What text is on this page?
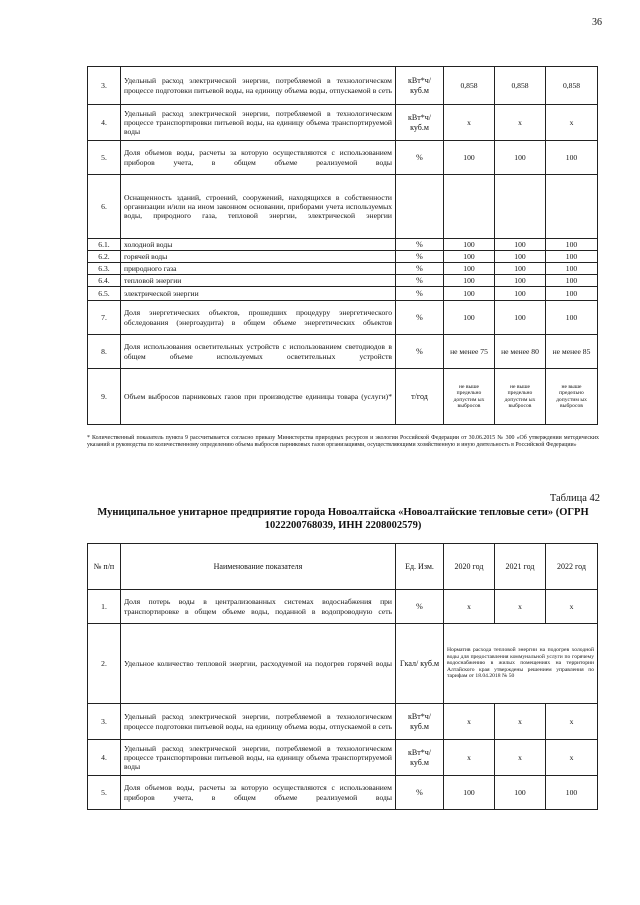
36
3.	Удельный расход электрической энергии, потребляемой в технологическом процессе подготовки питьевой воды, на единицу объема воды, отпускаемой в сеть	кВт*ч/ куб.м	0,858	0,858	0,858
4.	Удельный расход электрической энергии, потребляемой в технологическом процессе транспортировки питьевой воды, на единицу объема транспортируемой воды	кВт*ч/ куб.м	x	x	x
5.	Доля объемов воды, расчеты за которую осуществляются с использованием приборов учета, в общем объеме реализуемой воды	%	100	100	100
6.	Оснащенность зданий, строений, сооружений, находящихся в собственности организации и/или на ином законном основании, приборами учета используемых воды, природного газа, тепловой энергии, электрической энергии				
6.1.	холодной воды	%	100	100	100
6.2.	горячей воды	%	100	100	100
6.3.	природного газа	%	100	100	100
6.4.	тепловой энергии	%	100	100	100
6.5.	электрической энергии	%	100	100	100
7.	Доля энергетических объектов, прошедших процедуру энергетического обследования (энергоаудита) в общем объеме энергетических объектов	%	100	100	100
8.	Доля использования осветительных устройств с использованием светодиодов в общем объеме используемых осветительных устройств	%	не менее 75	не менее 80	не менее 85
9.	Объем выбросов парниковых газов при производстве единицы товара (услуги)*	т/год	не выше предельно допустим ых выбросов	не выше предельно допустим ых выбросов	не выше предельно допустим ых выбросов
* Количественный показатель пункта 9 рассчитывается согласно приказу Министерства природных ресурсов и экологии Российской Федерации от 30.06.2015 № 300 «Об утверждении методических указаний и руководства по количественному определению объема выбросов парниковых газов организациями, осуществляющими хозяйственную и иную деятельность в Российской Федерации»
Таблица 42
Муниципальное унитарное предприятие города Новоалтайска «Новоалтайские тепловые сети» (ОГРН 1022200768039, ИНН 2208002579)
№ п/п	Наименование показателя	Ед. Изм.	2020 год	2021 год	2022 год
1.	Доля потерь воды в централизованных системах водоснабжения при транспортировке в общем объеме воды, поданной в водопроводную сеть	%	x	x	x
2.	Удельное количество тепловой энергии, расходуемой на подогрев горячей воды	Гкал/ куб.м	Норматив расхода тепловой энергии на подогрев холодной воды для предоставления коммунальной услуги по горячему водоснабжению в жилых помещениях на территории Алтайского края утверждены решением управления по тарифам от 18.04.2018 № 50		
3.	Удельный расход электрической энергии, потребляемой в технологическом процессе подготовки питьевой воды, на единицу объема воды, отпускаемой в сеть	кВт*ч/ куб.м	x	x	x
4.	Удельный расход электрической энергии, потребляемой в технологическом процессе транспортировки питьевой воды, на единицу объема транспортируемой воды	кВт*ч/ куб.м	x	x	x
5.	Доля объемов воды, расчеты за которую осуществляются с использованием приборов учета, в общем объеме реализуемой воды	%	100	100	100
